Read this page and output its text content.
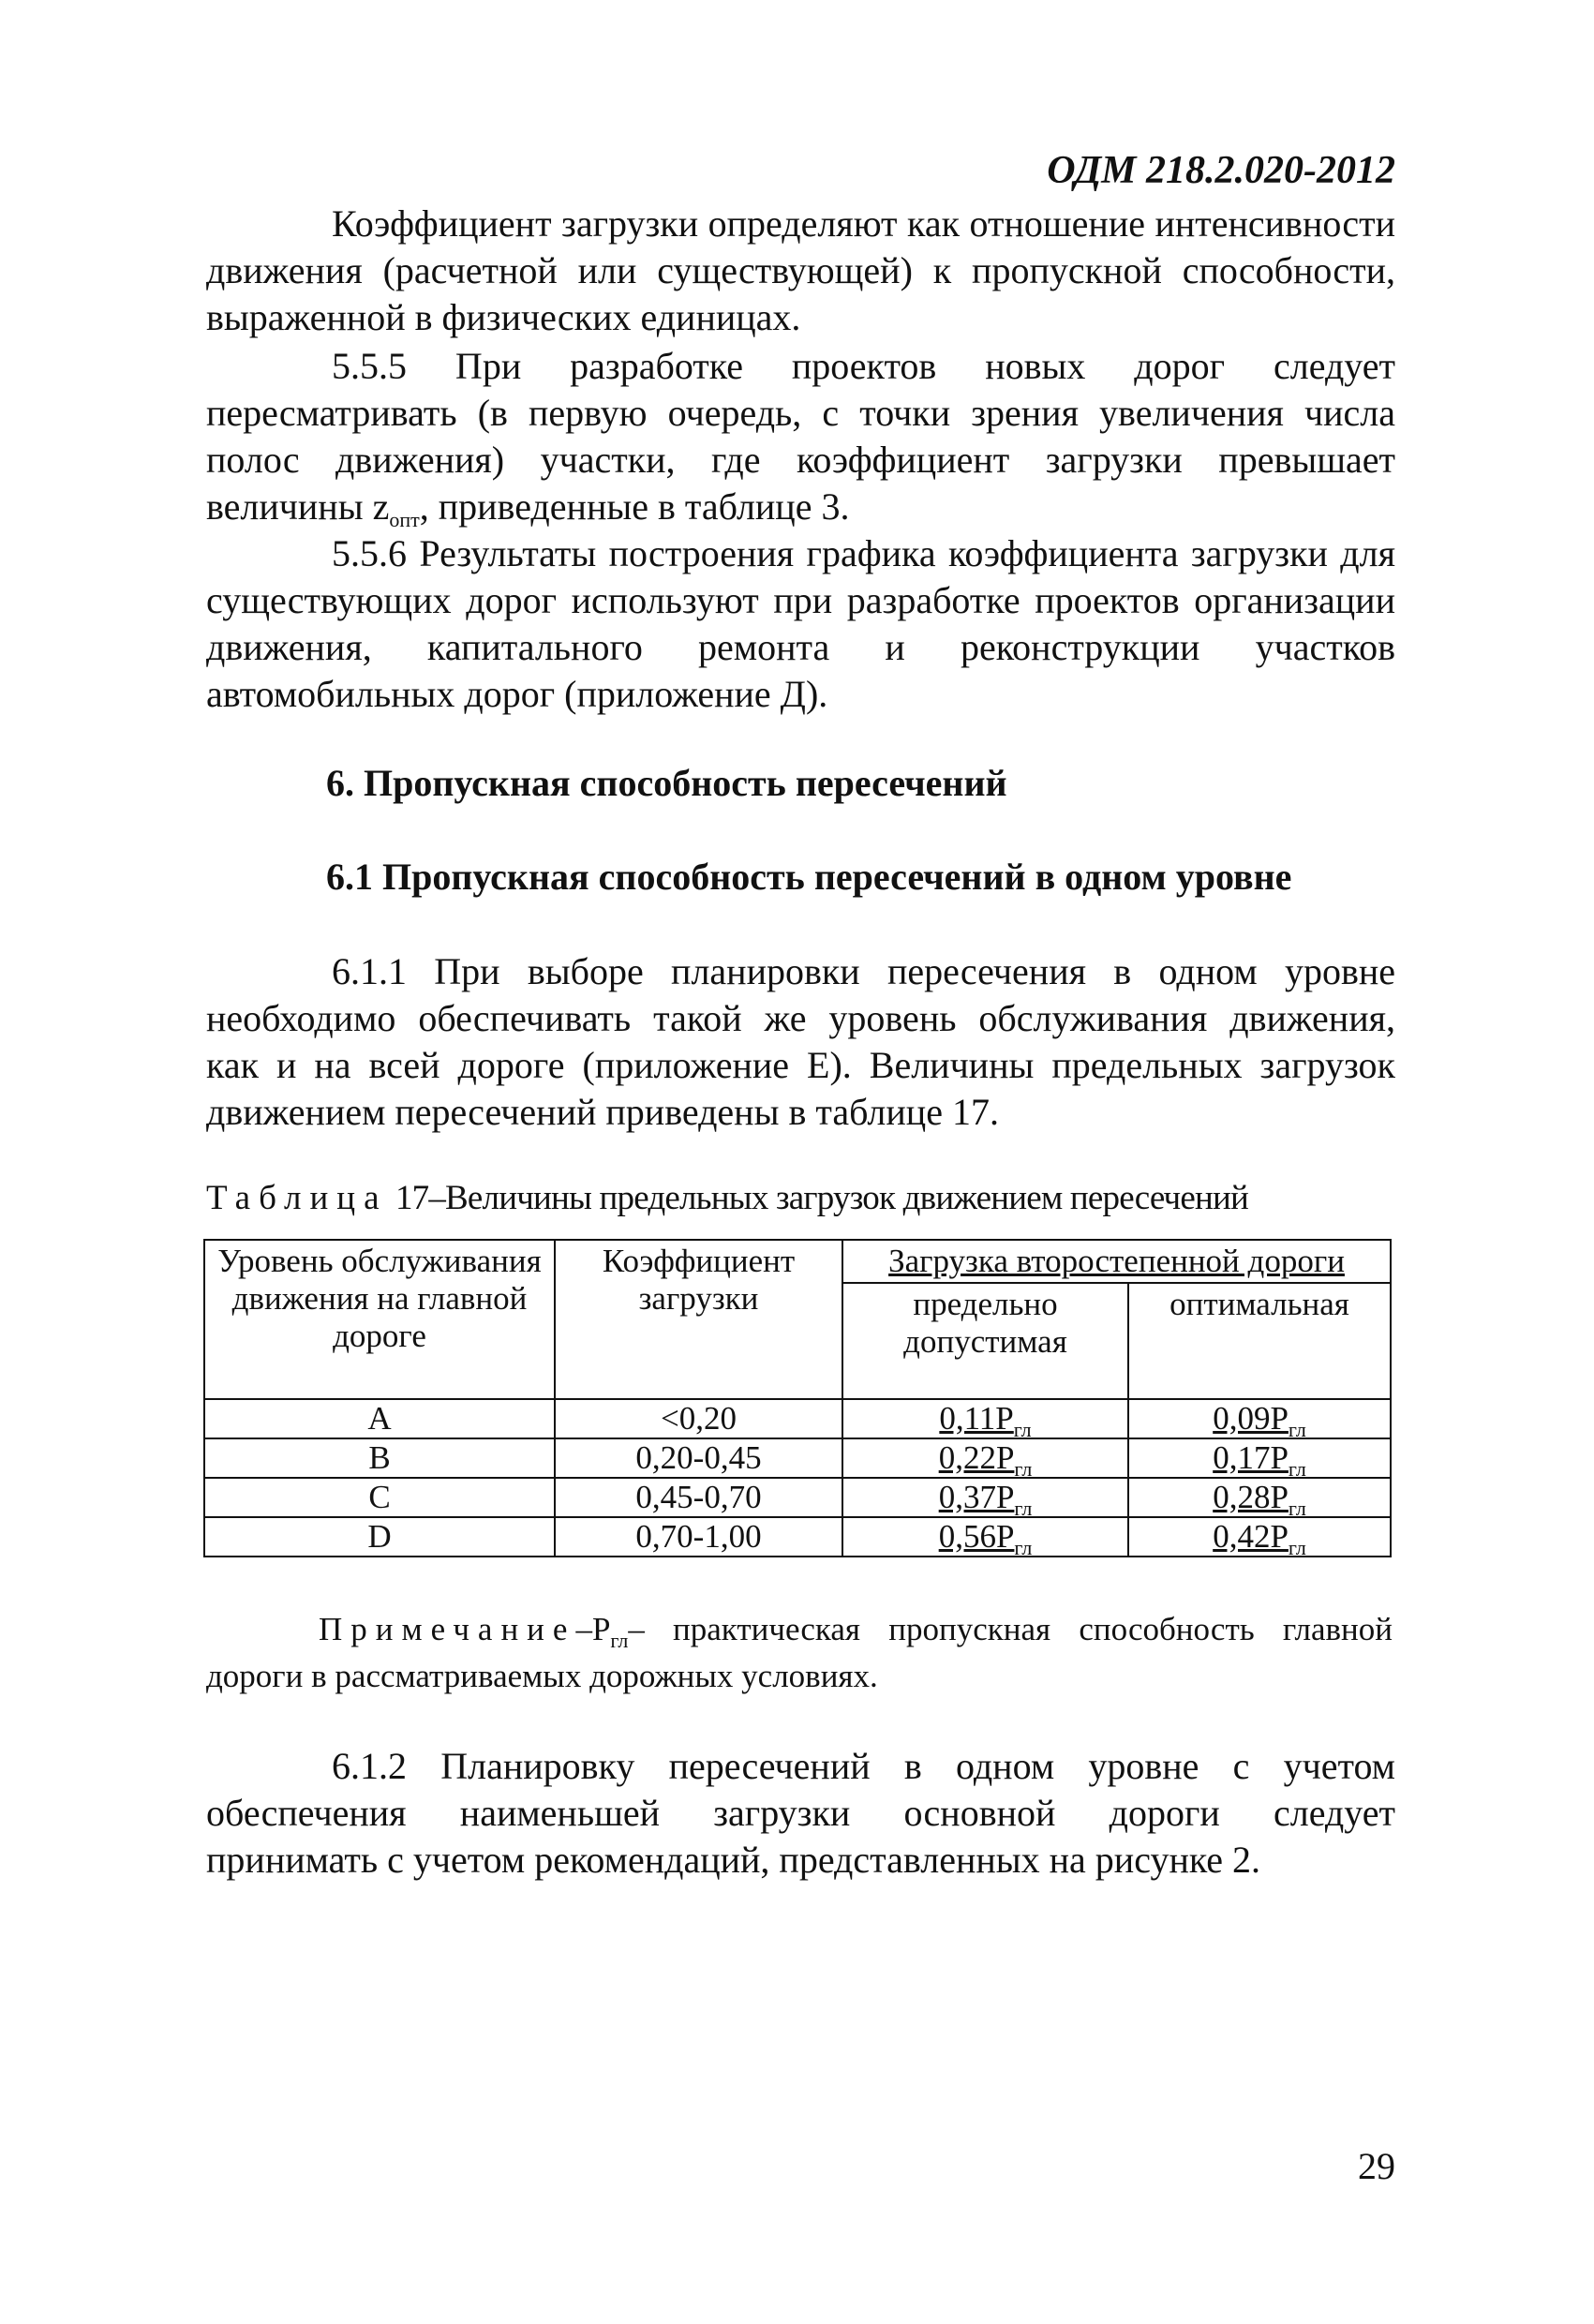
ОДМ 218.2.020-2012
Коэффициент загрузки определяют как отношение интенсивности
движения (расчетной или существующей) к пропускной способности,
выраженной в физических единицах.
5.5.5 При разработке проектов новых дорог следует
пересматривать (в первую очередь, с точки зрения увеличения числа
полос движения) участки, где коэффициент загрузки превышает
величины $z_{опт}$, приведенные в таблице 3.
5.5.6 Результаты построения графика коэффициента загрузки для
существующих дорог используют при разработке проектов организации
движения, капитального ремонта и реконструкции участков
автомобильных дорог (приложение Д).
6. Пропускная способность пересечений
6.1 Пропускная способность пересечений в одном уровне
6.1.1 При выборе планировки пересечения в одном уровне
необходимо обеспечивать такой же уровень обслуживания движения,
как и на всей дороге (приложение Е). Величины предельных загрузок
движением пересечений приведены в таблице 17.
Таблица 17–Величины предельных загрузок движением пересечений
Уровень обслуживания движения на главной дороге	Коэффициент загрузки	Загрузка второстепенной дороги	
		предельно допустимая	оптимальная
A	<0,20	$0,11P_{гл}$	$0,09P_{гл}$
B	0,20-0,45	$0,22P_{гл}$	$0,17P_{гл}$
C	0,45-0,70	$0,37P_{гл}$	$0,28P_{гл}$
D	0,70-1,00	$0,56P_{гл}$	$0,42P_{гл}$
Примечание–$P_{гл}-$ практическая пропускная способность главной дороги в рассматриваемых дорожных условиях.
6.1.2 Планировку пересечений в одном уровне с учетом
обеспечения наименьшей загрузки основной дороги следует
принимать с учетом рекомендаций, представленных на рисунке 2.
29
